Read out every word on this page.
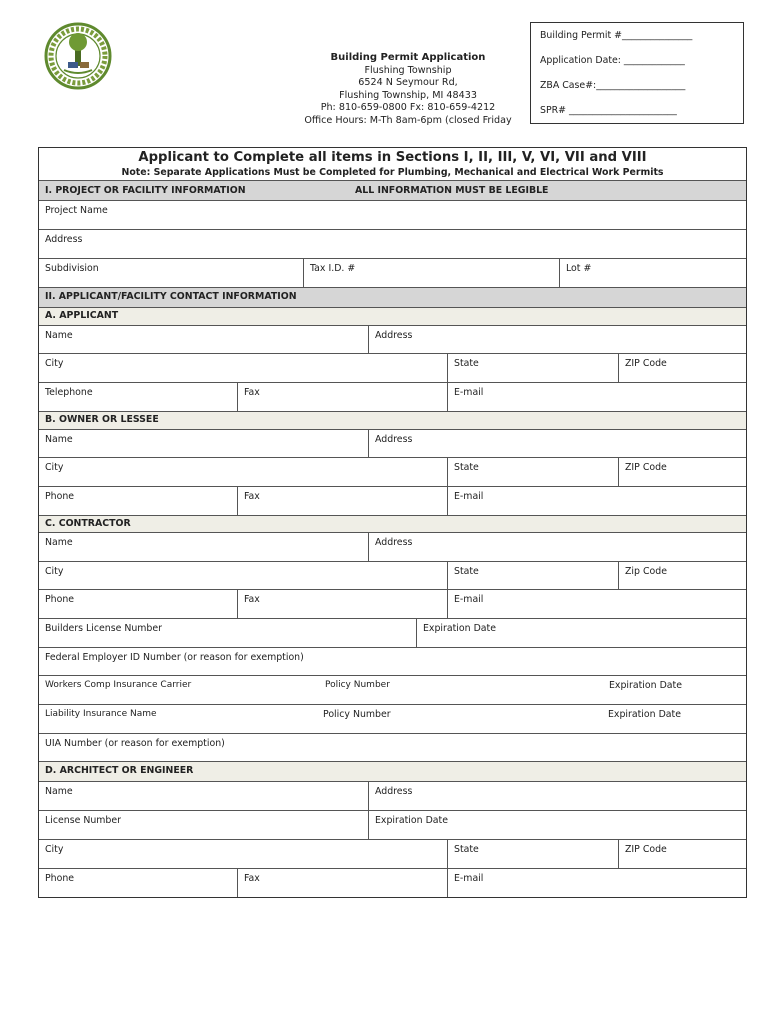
Building Permit Application
Flushing Township
6524 N Seymour Rd,
Flushing Township, MI 48433
Ph: 810-659-0800 Fx: 810-659-4212
Office Hours: M-Th 8am-6pm (closed Friday
Building Permit #_______________
Application Date: _____________
ZBA Case#:___________________
SPR# _______________________
Applicant to Complete all items in Sections I, II, III, V, VI, VII and VIII
Note: Separate Applications Must be Completed for Plumbing, Mechanical and Electrical Work Permits
I. PROJECT OR FACILITY INFORMATION	ALL INFORMATION MUST BE LEGIBLE
Project Name
Address
Subdivision	Tax I.D. #	Lot #
II. APPLICANT/FACILITY CONTACT INFORMATION
A. APPLICANT
Name	Address
City	State	ZIP Code
Telephone	Fax	E-mail
B. OWNER OR LESSEE
Name	Address
City	State	ZIP Code
Phone	Fax	E-mail
C. CONTRACTOR
Name	Address
City	State	Zip Code
Phone	Fax	E-mail
Builders License Number	Expiration Date
Federal Employer ID Number (or reason for exemption)
Workers Comp Insurance Carrier	Policy Number	Expiration Date
Liability Insurance Name	Policy Number	Expiration Date
UIA Number (or reason for exemption)
D. ARCHITECT OR ENGINEER
Name	Address
License Number	Expiration Date
City	State	ZIP Code
Phone	Fax	E-mail
